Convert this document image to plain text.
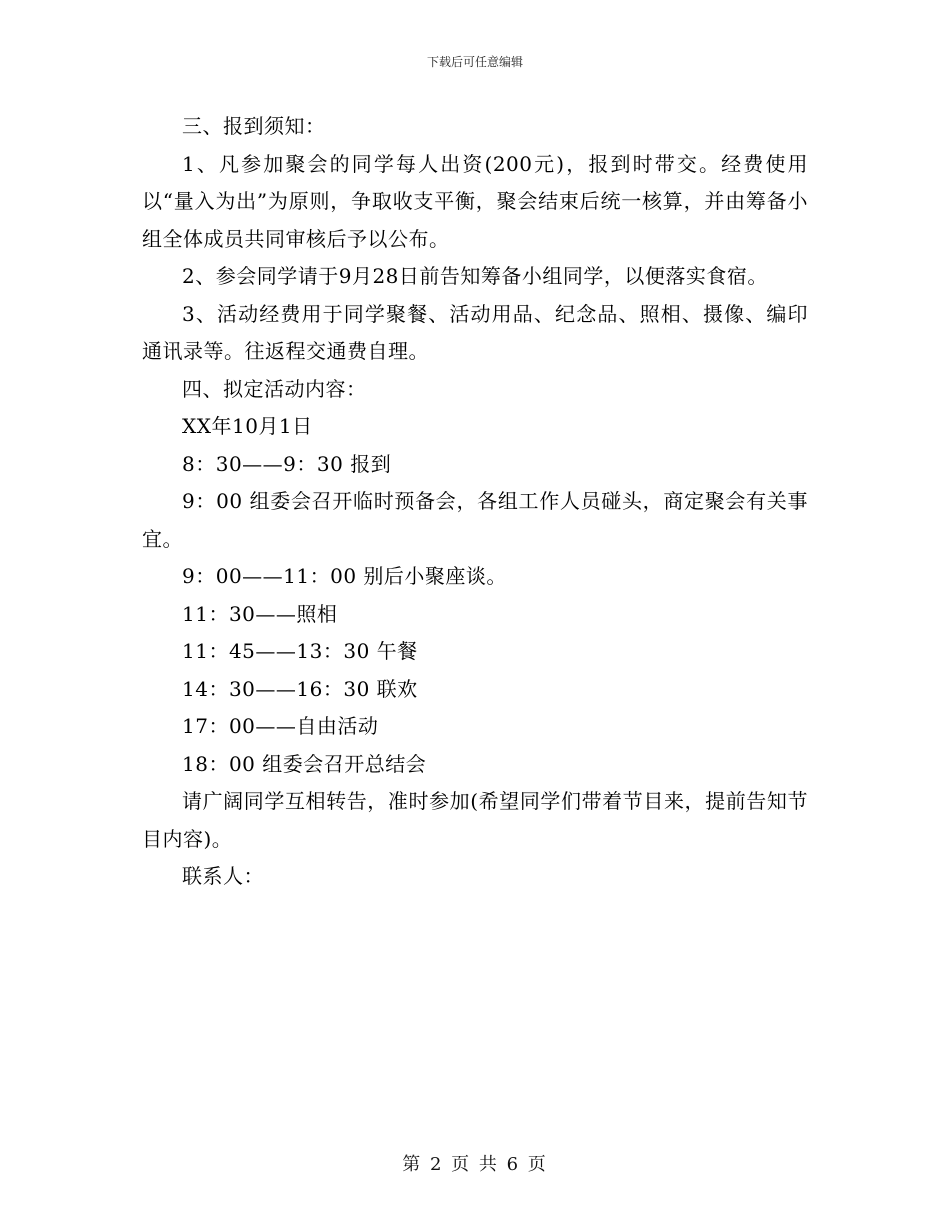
下载后可任意编辑

三、报到须知：

1、凡参加聚会的同学每人出资(200元)，报到时带交。经费使用以“量入为出”为原则，争取收支平衡，聚会结束后统一核算，并由筹备小组全体成员共同审核后予以公布。

2、参会同学请于9月28日前告知筹备小组同学，以便落实食宿。

3、活动经费用于同学聚餐、活动用品、纪念品、照相、摄像、编印通讯录等。往返程交通费自理。

四、拟定活动内容：

XX年10月1日

8：30——9：30 报到

9：00 组委会召开临时预备会，各组工作人员碰头，商定聚会有关事宜。

9：00——11：00 别后小聚座谈。

11：30——照相

11：45——13：30 午餐

14：30——16：30 联欢

17：00——自由活动

18：00 组委会召开总结会

请广阔同学互相转告，准时参加(希望同学们带着节目来，提前告知节目内容)。

联系人：

第 2 页 共 6 页
